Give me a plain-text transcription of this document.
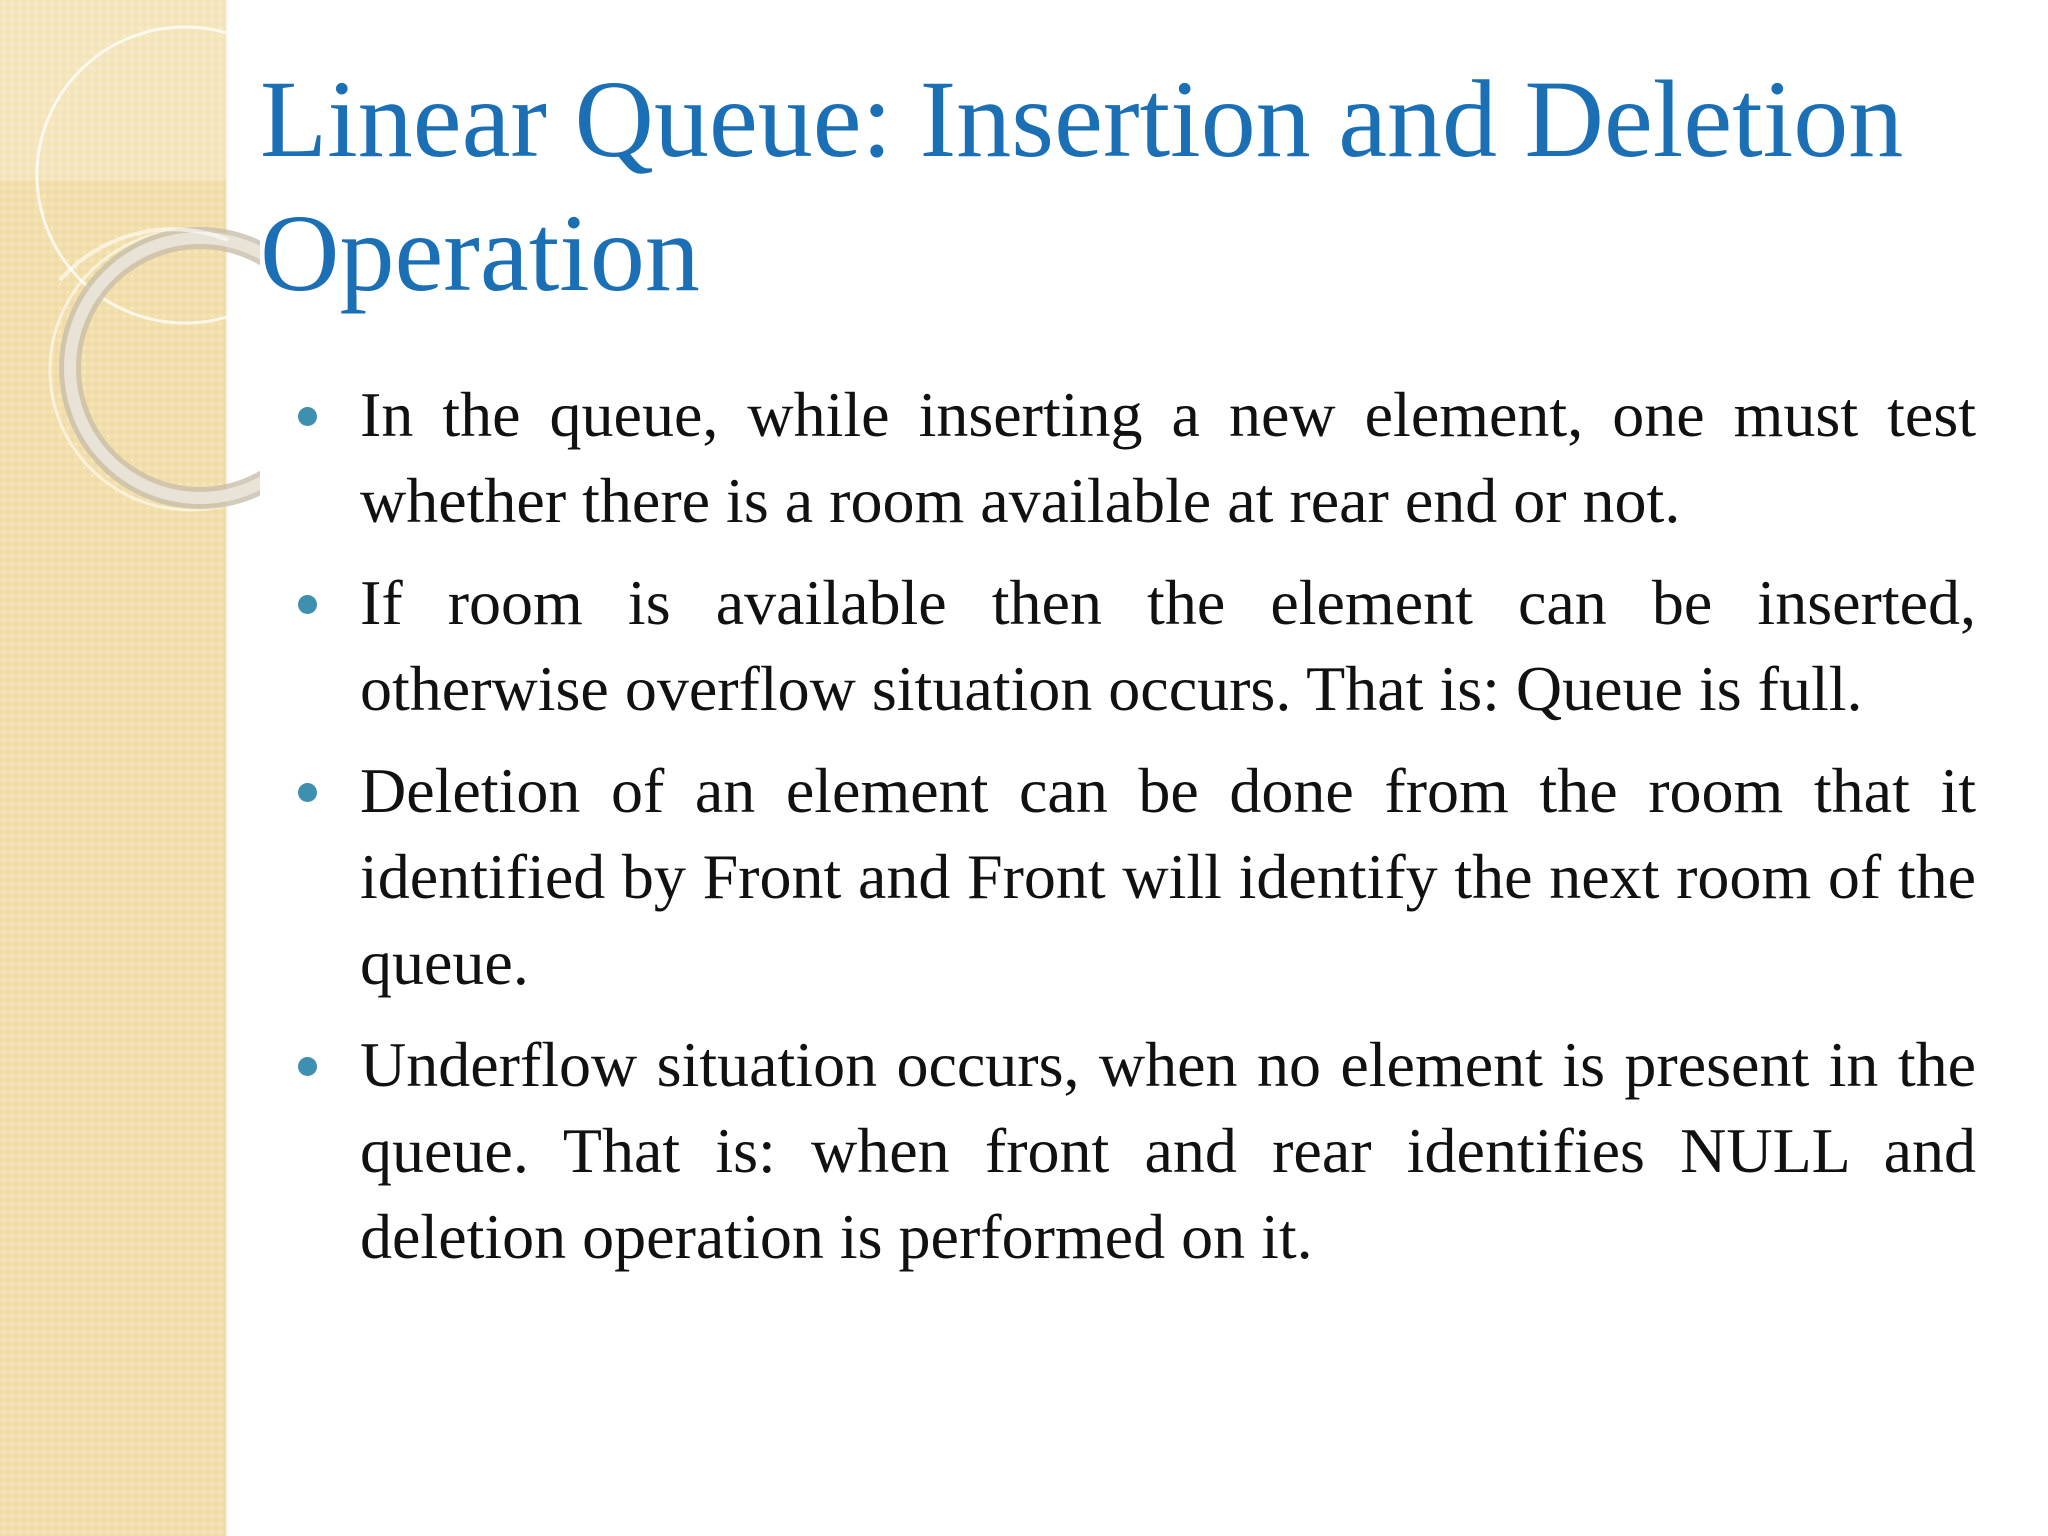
Linear Queue: Insertion and Deletion Operation
In the queue, while inserting a new element, one must test whether there is a room available at rear end or not.
If room is available then the element can be inserted, otherwise overflow situation occurs. That is: Queue is full.
Deletion of an element can be done from the room that it identified by Front and Front will identify the next room of the queue.
Underflow situation occurs, when no element is present in the queue. That is: when front and rear identifies NULL and deletion operation is performed on it.
